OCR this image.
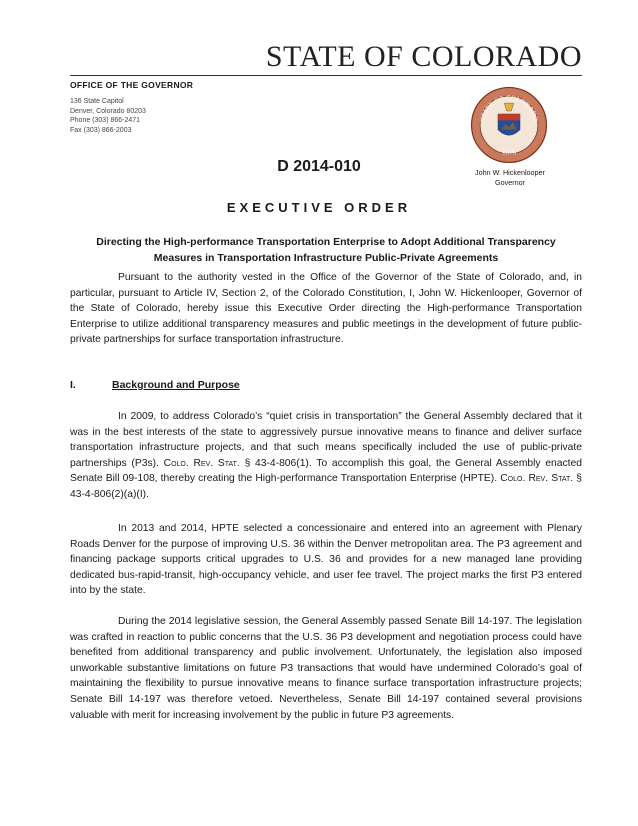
STATE OF COLORADO
OFFICE OF THE GOVERNOR
136 State Capitol
Denver, Colorado 80203
Phone (303) 866-2471
Fax (303) 866-2003
STATE OF COLORADO
1876
D 2014-010	John W. Hickenlooper
Governor
EXECUTIVE ORDER
Directing the High-performance Transportation Enterprise to Adopt Additional Transparency
Measures in Transportation Infrastructure Public-Private Agreements

Pursuant to the authority vested in the Office of the Governor of the State of Colorado, and, in particular, pursuant to Article IV, Section 2, of the Colorado Constitution, I, John W. Hickenlooper, Governor of the State of Colorado, hereby issue this Executive Order directing the High-performance Transportation Enterprise to utilize additional transparency measures and public meetings in the development of future public-private partnerships for surface transportation infrastructure.

I.	Background and Purpose

In 2009, to address Colorado’s “quiet crisis in transportation” the General Assembly declared that it was in the best interests of the state to aggressively pursue innovative means to finance and deliver surface transportation infrastructure projects, and that such means specifically included the use of public-private partnerships (P3s). Colo. Rev. Stat. § 43-4-806(1). To accomplish this goal, the General Assembly enacted Senate Bill 09-108, thereby creating the High-performance Transportation Enterprise (HPTE). Colo. Rev. Stat. § 43-4-806(2)(a)(I).

In 2013 and 2014, HPTE selected a concessionaire and entered into an agreement with Plenary Roads Denver for the purpose of improving U.S. 36 within the Denver metropolitan area. The P3 agreement and financing package supports critical upgrades to U.S. 36 and provides for a new managed lane providing dedicated bus-rapid-transit, high-occupancy vehicle, and user fee travel. The project marks the first P3 entered into by the state.

During the 2014 legislative session, the General Assembly passed Senate Bill 14-197. The legislation was crafted in reaction to public concerns that the U.S. 36 P3 development and negotiation process could have benefited from additional transparency and public involvement. Unfortunately, the legislation also imposed unworkable substantive limitations on future P3 transactions that would have undermined Colorado’s goal of maintaining the flexibility to pursue innovative means to finance surface transportation infrastructure projects; Senate Bill 14-197 was therefore vetoed. Nevertheless, Senate Bill 14-197 contained several provisions valuable with merit for increasing involvement by the public in future P3 agreements.
